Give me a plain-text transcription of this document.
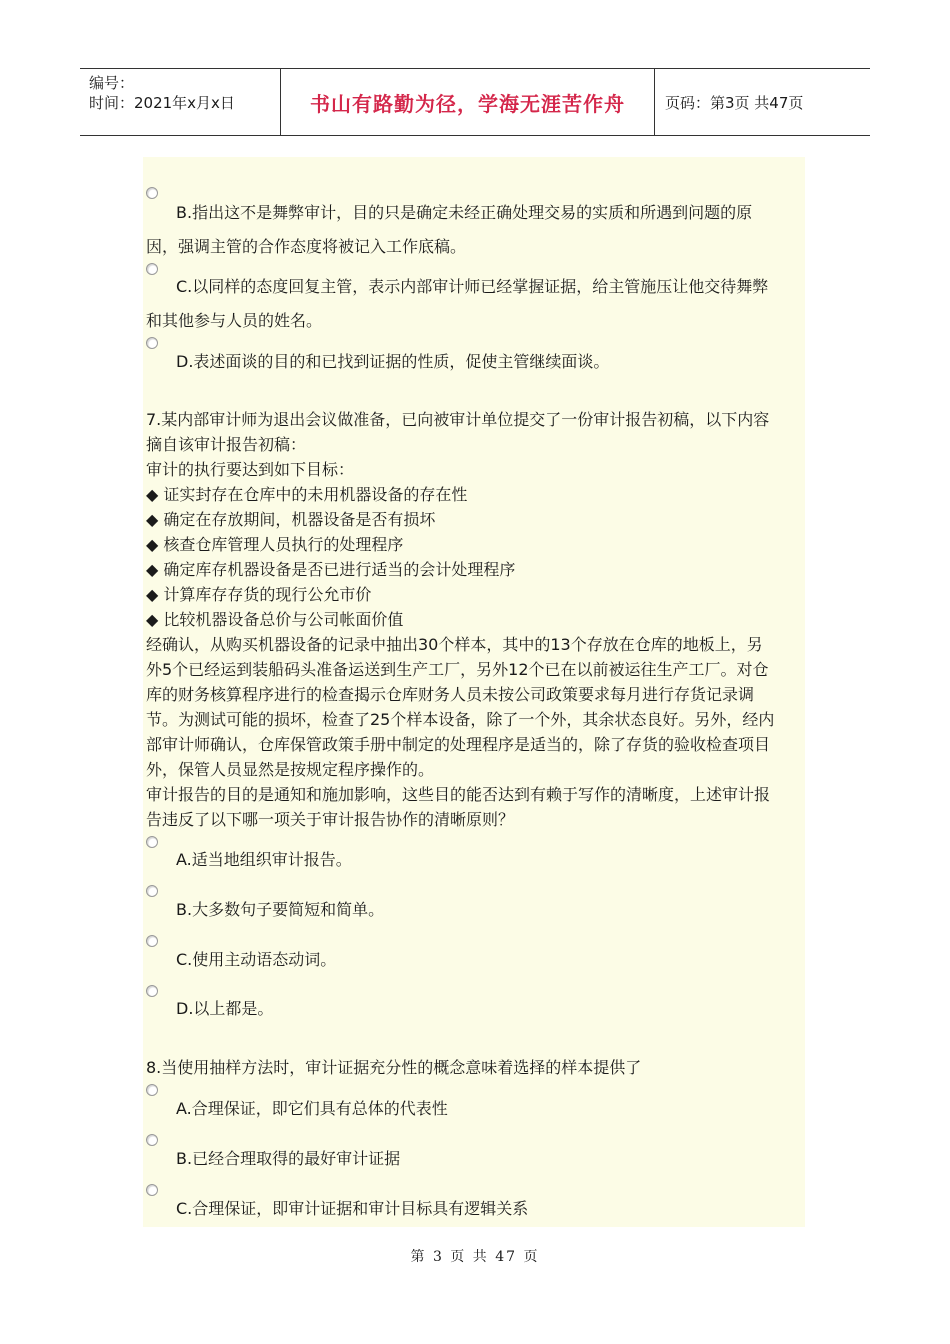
编号：
时间：2021年x月x日	书山有路勤为径，学海无涯苦作舟	页码：第3页 共47页
B.指出这不是舞弊审计，目的只是确定未经正确处理交易的实质和所遇到问题的原
因，强调主管的合作态度将被记入工作底稿。
C.以同样的态度回复主管，表示内部审计师已经掌握证据，给主管施压让他交待舞弊
和其他参与人员的姓名。
D.表述面谈的目的和已找到证据的性质，促使主管继续面谈。
7.某内部审计师为退出会议做准备，已向被审计单位提交了一份审计报告初稿，以下内容
摘自该审计报告初稿：
审计的执行要达到如下目标：
◆ 证实封存在仓库中的未用机器设备的存在性
◆ 确定在存放期间，机器设备是否有损坏
◆ 核查仓库管理人员执行的处理程序
◆ 确定库存机器设备是否已进行适当的会计处理程序
◆ 计算库存存货的现行公允市价
◆ 比较机器设备总价与公司帐面价值
经确认，从购买机器设备的记录中抽出30个样本，其中的13个存放在仓库的地板上，另
外5个已经运到装船码头准备运送到生产工厂，另外12个已在以前被运往生产工厂。对仓
库的财务核算程序进行的检查揭示仓库财务人员未按公司政策要求每月进行存货记录调
节。为测试可能的损坏，检查了25个样本设备，除了一个外，其余状态良好。另外，经内
部审计师确认，仓库保管政策手册中制定的处理程序是适当的，除了存货的验收检查项目
外，保管人员显然是按规定程序操作的。
审计报告的目的是通知和施加影响，这些目的能否达到有赖于写作的清晰度，上述审计报
告违反了以下哪一项关于审计报告协作的清晰原则？
A.适当地组织审计报告。
B.大多数句子要简短和简单。
C.使用主动语态动词。
D.以上都是。
8.当使用抽样方法时，审计证据充分性的概念意味着选择的样本提供了
A.合理保证，即它们具有总体的代表性
B.已经合理取得的最好审计证据
C.合理保证，即审计证据和审计目标具有逻辑关系
第 3 页 共 47 页
